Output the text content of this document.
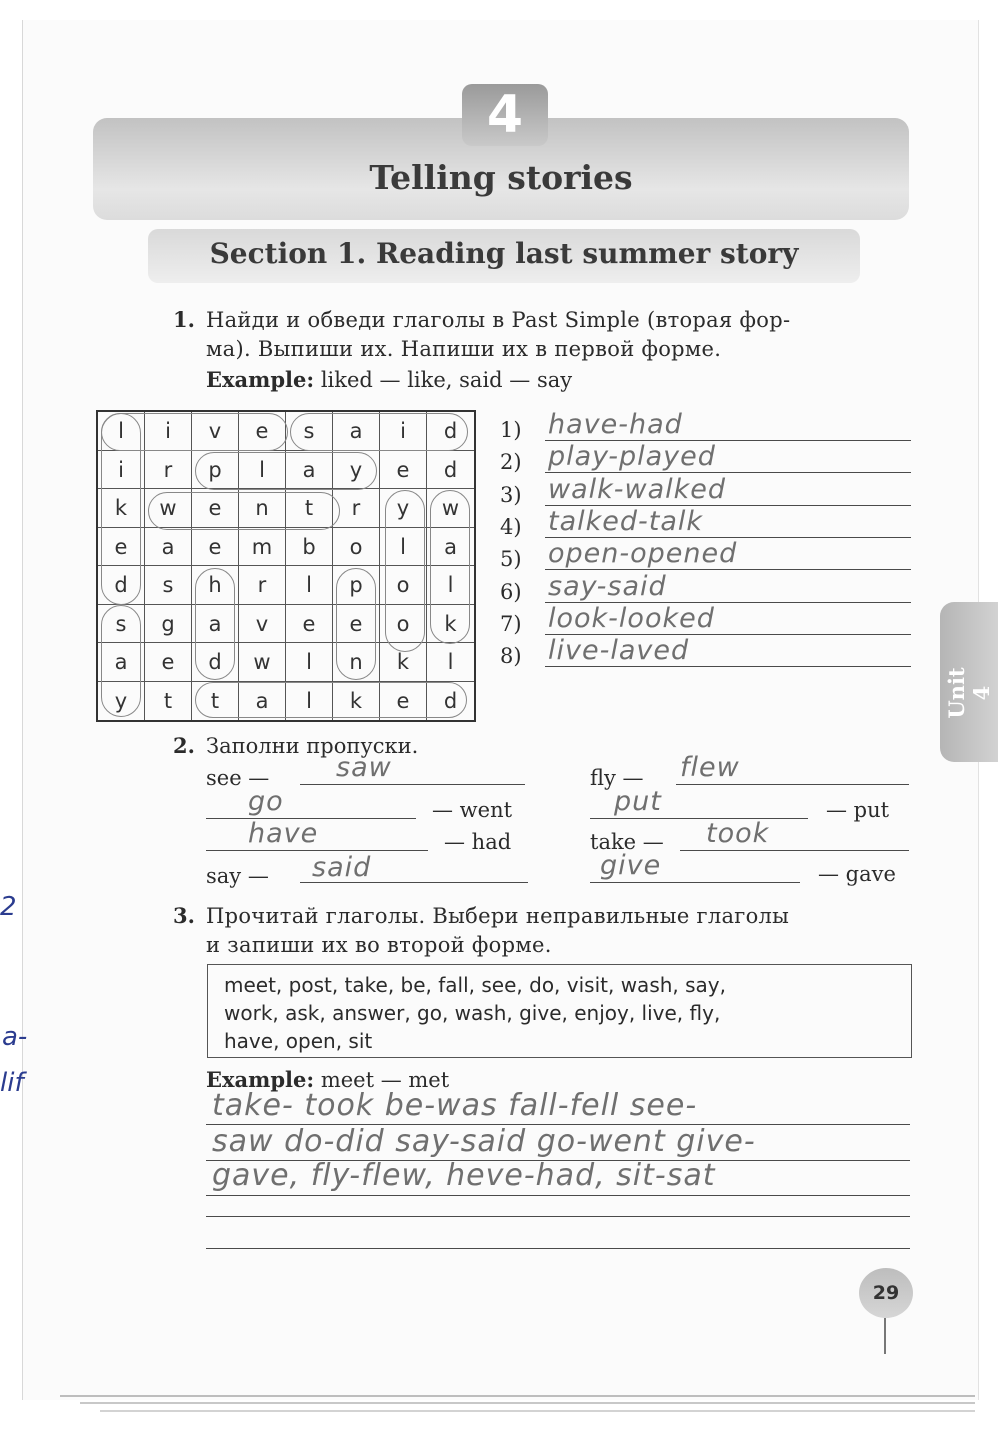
4
Telling stories
Section 1. Reading last summer story
Unit 4
2
a-
lif

1. Найди и обведи глаголы в Past Simple (вторая фор-

ма). Выпиши их. Напиши их в первой форме.

Example: liked — like, said — say

l	i	v	e	s	a	i	d
i	r	p	l	a	y	e	d
k	w	e	n	t	r	y	w
e	a	e	m	b	o	l	a
d	s	h	r	l	p	o	l
s	g	a	v	e	e	o	k
a	e	d	w	l	n	k	l
y	t	t	a	l	k	e	d
1) have-had
2) play-played
3) walk-walked
4) talked-talk
5) open-opened
6) say-said
7) look-looked
8) live-laved

2. Заполни пропуски.

see — saw	fly — flew
go	— went	put	— put

have	— had	take — took

say — said	give	— gave

3. Прочитай глаголы. Выбери неправильные глаголы

и запиши их во второй форме.

meet, post, take, be, fall, see, do, visit, wash, say,

work, ask, answer, go, wash, give, enjoy, live, fly,

have, open, sit

Example: meet — met

take- took be-was fall-fell see-
saw do-did say-said go-went give-
gave, fly-flew, heve-had, sit-sat
29
